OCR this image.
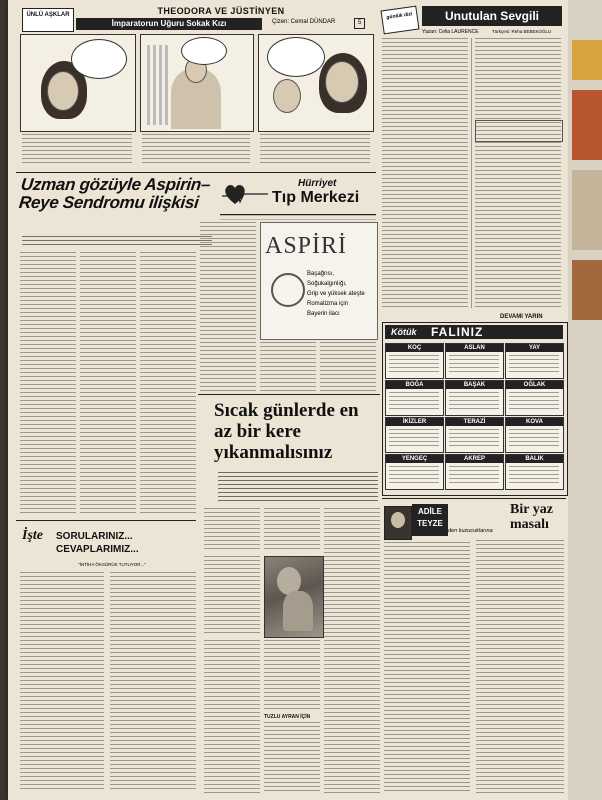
ÜNLÜ AŞKLAR	THEODORA VE JÜSTİNYEN
İmparatorun Uğuru Sokak Kızı	Çizen: Cemal DÜNDAR	5
günlük dizi	Unutulan Sevgili
Yazan: Celia LAURENCE	Türkçesi: Reha BEBEKOĞLU
DEVAMI YARIN
Uzman gözüyle Aspirin–Reye Sendromu ilişkisi
Hürriyet
Tıp Merkezi
ASPİRİ
Başağrısı,
Soğukalgınlığı,
Grip ve yüksek ateşte
Romatizma için
Bayerin ilacı
Kötük FALINIZ
KOÇ	ASLAN	YAY
BOĞA	BAŞAK	OĞLAK
İKİZLER	TERAZİ	KOVA
YENGEÇ	AKREP	BALIK
Sıcak günlerde en az bir kere yıkanmalısınız
TUZLU AYRAN İÇİN
İşte SORULARINIZ... CEVAPLARIMIZ...
"İNTİHA ÖKSÜRÜK TUTUYOR..."
ADİLE
TEYZE
den kuzucuklarına
Bir yaz masalı
